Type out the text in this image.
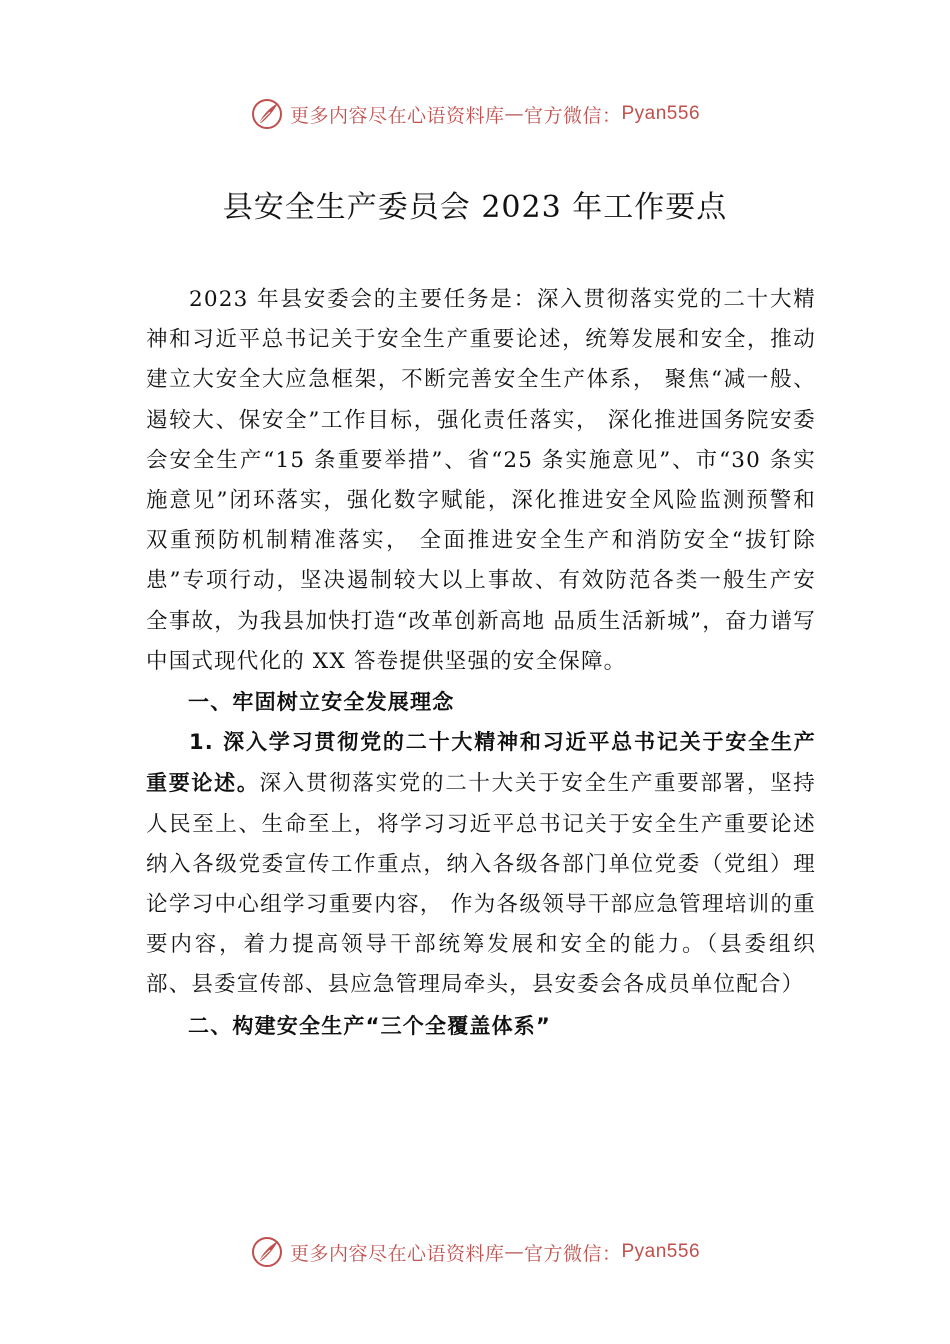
更多内容尽在心语资料库 — 官方微信： Pyan556
县安全生产委员会 2023 年工作要点

2023 年县安委会的主要任务是：深入贯彻落实党的二十大精神和习近平总书记关于安全生产重要论述，统筹发展和安全，推动建立大安全大应急框架，不断完善安全生产体系， 聚焦“减一般、遏较大、保安全”工作目标，强化责任落实， 深化推进国务院安委会安全生产“15 条重要举措”、省“25 条实施意见”、市“30 条实施意见”闭环落实，强化数字赋能，深化推进安全风险监测预警和双重预防机制精准落实， 全面推进安全生产和消防安全“拔钉除患”专项行动，坚决遏制较大以上事故、有效防范各类一般生产安全事故，为我县加快打造“改革创新高地 品质生活新城”，奋力谱写中国式现代化的 XX 答卷提供坚强的安全保障。

一、牢固树立安全发展理念

1. 深入学习贯彻党的二十大精神和习近平总书记关于安全生产重要论述。深入贯彻落实党的二十大关于安全生产重要部署，坚持人民至上、生命至上，将学习习近平总书记关于安全生产重要论述纳入各级党委宣传工作重点，纳入各级各部门单位党委（党组）理论学习中心组学习重要内容， 作为各级领导干部应急管理培训的重要内容，着力提高领导干部统筹发展和安全的能力。（县委组织部、县委宣传部、县应急管理局牵头，县安委会各成员单位配合）

二、构建安全生产“三个全覆盖体系”

更多内容尽在心语资料库 — 官方微信： Pyan556
